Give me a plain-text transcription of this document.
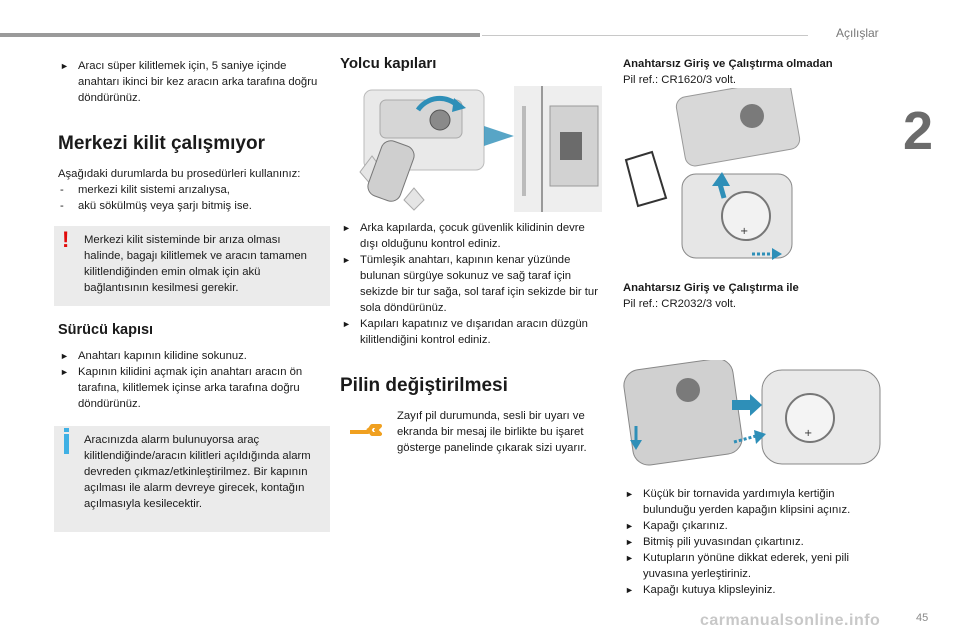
Açılışlar
2
carmanualsonline.info	45

► Aracı süper kilitlemek için, 5 saniye içinde anahtarı ikinci bir kez aracın arka tarafına doğru döndürünüz.

Merkezi kilit çalışmıyor

Aşağıdaki durumlarda bu prosedürleri kullanınız:

- merkezi kilit sistemi arızalıysa,

- akü sökülmüş veya şarjı bitmiş ise.

! Merkezi kilit sisteminde bir arıza olması halinde, bagajı kilitlemek ve aracın tamamen kilitlendiğinden emin olmak için akü bağlantısının kesilmesi gerekir.
Sürücü kapısı

► Anahtarı kapının kilidine sokunuz.

► Kapının kilidini açmak için anahtarı aracın ön tarafına, kilitlemek içinse arka tarafına doğru döndürünüz.

Aracınızda alarm bulunuyorsa araç kilitlendiğinde/aracın kilitleri açıldığında alarm devreden çıkmaz/etkinleştirilmez. Bir kapının açılması ile alarm devreye girecek, kontağın açılmasıyla kesilecektir.
Yolcu kapıları

► Arka kapılarda, çocuk güvenlik kilidinin devre dışı olduğunu kontrol ediniz.

► Tümleşik anahtarı, kapının kenar yüzünde bulunan sürgüye sokunuz ve sağ taraf için sekizde bir tur sağa, sol taraf için sekizde bir tur sola döndürünüz.

► Kapıları kapatınız ve dışarıdan aracın düzgün kilitlendiğini kontrol ediniz.

Pilin değiştirilmesi

Zayıf pil durumunda, sesli bir uyarı ve ekranda bir mesaj ile birlikte bu işaret gösterge panelinde çıkarak sizi uyarır.

Anahtarsız Giriş ve Çalıştırma olmadan

Pil ref.: CR1620/3 volt.

+

Anahtarsız Giriş ve Çalıştırma ile

Pil ref.: CR2032/3 volt.

+

► Küçük bir tornavida yardımıyla kertiğin bulunduğu yerden kapağın klipsini açınız.

► Kapağı çıkarınız.

► Bitmiş pili yuvasından çıkartınız.

► Kutupların yönüne dikkat ederek, yeni pili yuvasına yerleştiriniz.

► Kapağı kutuya klipsleyiniz.
